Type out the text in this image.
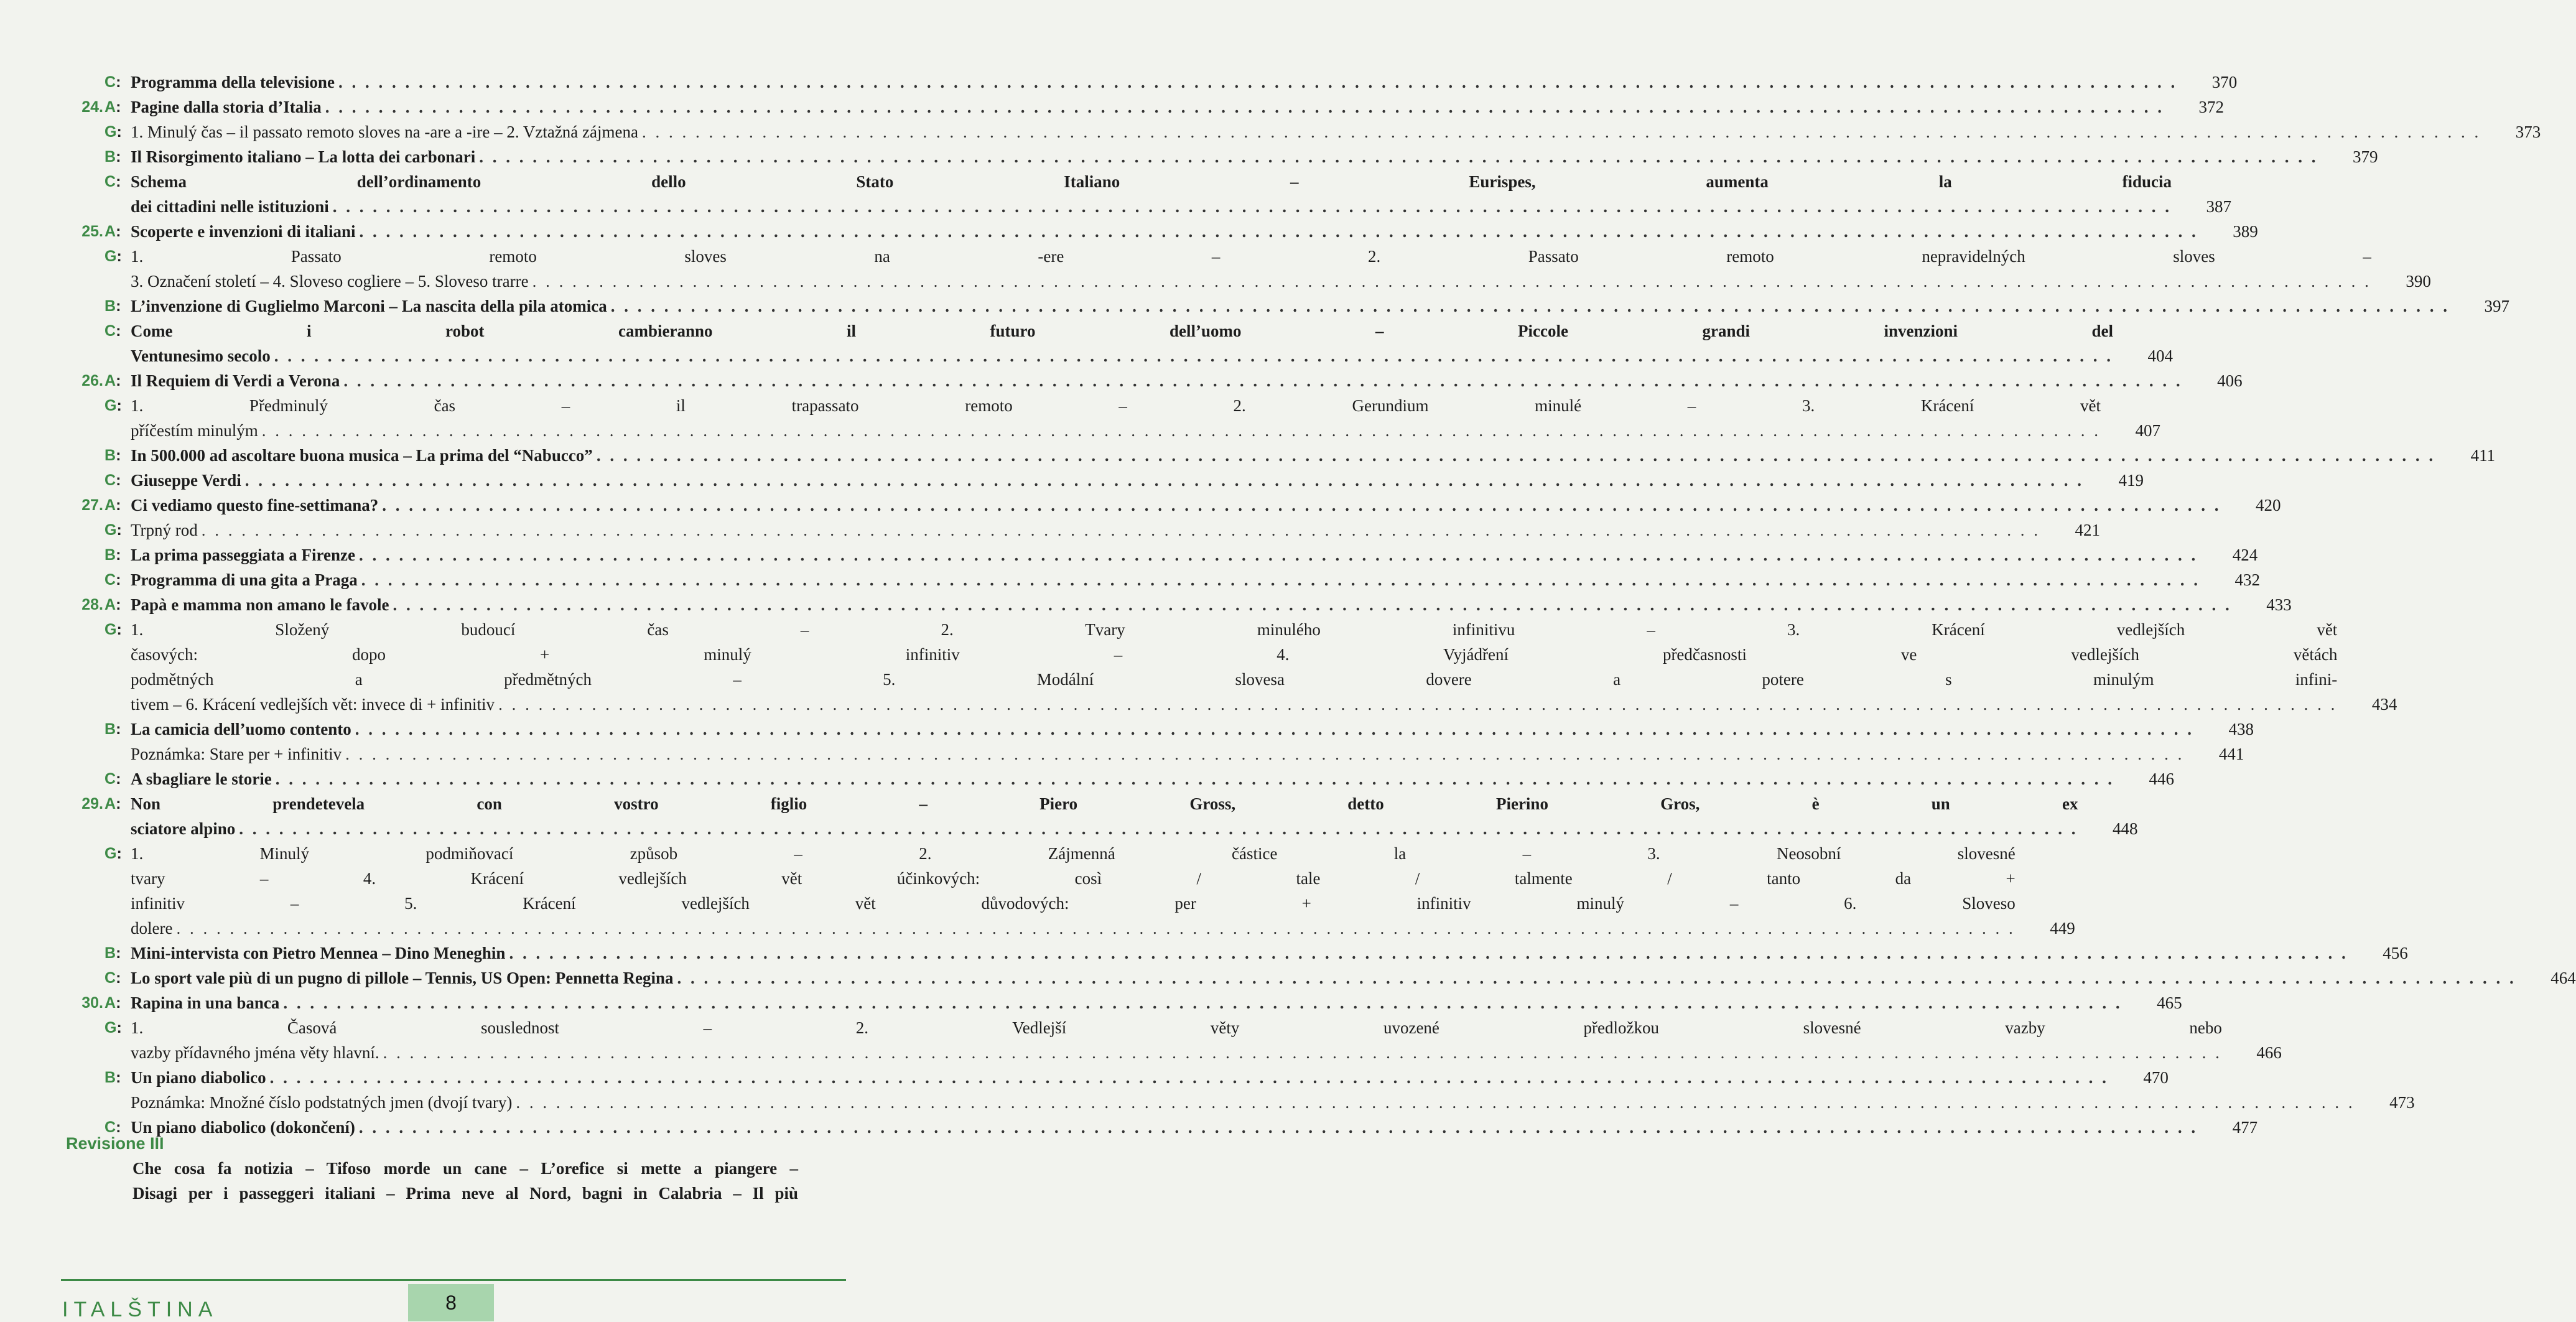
C: Programma della televisione . . .	370
24. A: Pagine dalla storia d’Italia . . .	372
G: 1. Minulý čas – il passato remoto sloves na -are a -ire – 2. Vztažná zájmena . . .	373
B: Il Risorgimento italiano – La lotta dei carbonari . . .	379
C: Schema dell’ordinamento dello Stato Italiano – Eurispes, aumenta la fiducia
dei cittadini nelle istituzioni . . .	387
25. A: Scoperte e invenzioni di italiani . . .	389
G: 1. Passato remoto sloves na -ere – 2. Passato remoto nepravidelných sloves –
3. Označení století – 4. Sloveso cogliere – 5. Sloveso trarre . . .	390
B: L’invenzione di Guglielmo Marconi – La nascita della pila atomica . . .	397
C: Come i robot cambieranno il futuro dell’uomo – Piccole grandi invenzioni del
Ventunesimo secolo . . .	404
26. A: Il Requiem di Verdi a Verona . . .	406
G: 1. Předminulý čas – il trapassato remoto – 2. Gerundium minulé – 3. Krácení vět
příčestím minulým . . .	407
B: In 500.000 ad ascoltare buona musica – La prima del “Nabucco” . . .	411
C: Giuseppe Verdi . . .	419
27. A: Ci vediamo questo fine-settimana? . . .	420
G: Trpný rod . . .	421
B: La prima passeggiata a Firenze . . .	424
C: Programma di una gita a Praga . . .	432
28. A: Papà e mamma non amano le favole . . .	433
G: 1. Složený budoucí čas – 2. Tvary minulého infinitivu – 3. Krácení vedlejších vět
časových: dopo + minulý infinitiv – 4. Vyjádření předčasnosti ve vedlejších větách
podmětných a předmětných – 5. Modální slovesa dovere a potere s minulým infini-
tivem – 6. Krácení vedlejších vět: invece di + infinitiv . . .	434
B: La camicia dell’uomo contento . . .	438
Poznámka: Stare per + infinitiv . . .	441
C: A sbagliare le storie . . .	446
29. A: Non prendetevela con vostro figlio – Piero Gross, detto Pierino Gros, è un ex
sciatore alpino . . .	448
G: 1. Minulý podmiňovací způsob – 2. Zájmenná částice la – 3. Neosobní slovesné
tvary – 4. Krácení vedlejších vět účinkových: così / tale / talmente / tanto da +
infinitiv – 5. Krácení vedlejších vět důvodových: per + infinitiv minulý – 6. Sloveso
dolere . . .	449
B: Mini-intervista con Pietro Mennea – Dino Meneghin . . .	456
C: Lo sport vale più di un pugno di pillole – Tennis, US Open: Pennetta Regina . . .	464
30. A: Rapina in una banca . . .	465
G: 1. Časová souslednost – 2. Vedlejší věty uvozené předložkou slovesné vazby nebo
vazby přídavného jména věty hlavní. . . .	466
B: Un piano diabolico . . .	470
Poznámka: Množné číslo podstatných jmen (dvojí tvary) . . .	473
C: Un piano diabolico (dokončení) . . .	477
Revisione III
Che cosa fa notizia – Tifoso morde un cane – L’orefice si mette a piangere –
Disagi per i passeggeri italiani – Prima neve al Nord, bagni in Calabria – Il più
ITALŠTINA	8
